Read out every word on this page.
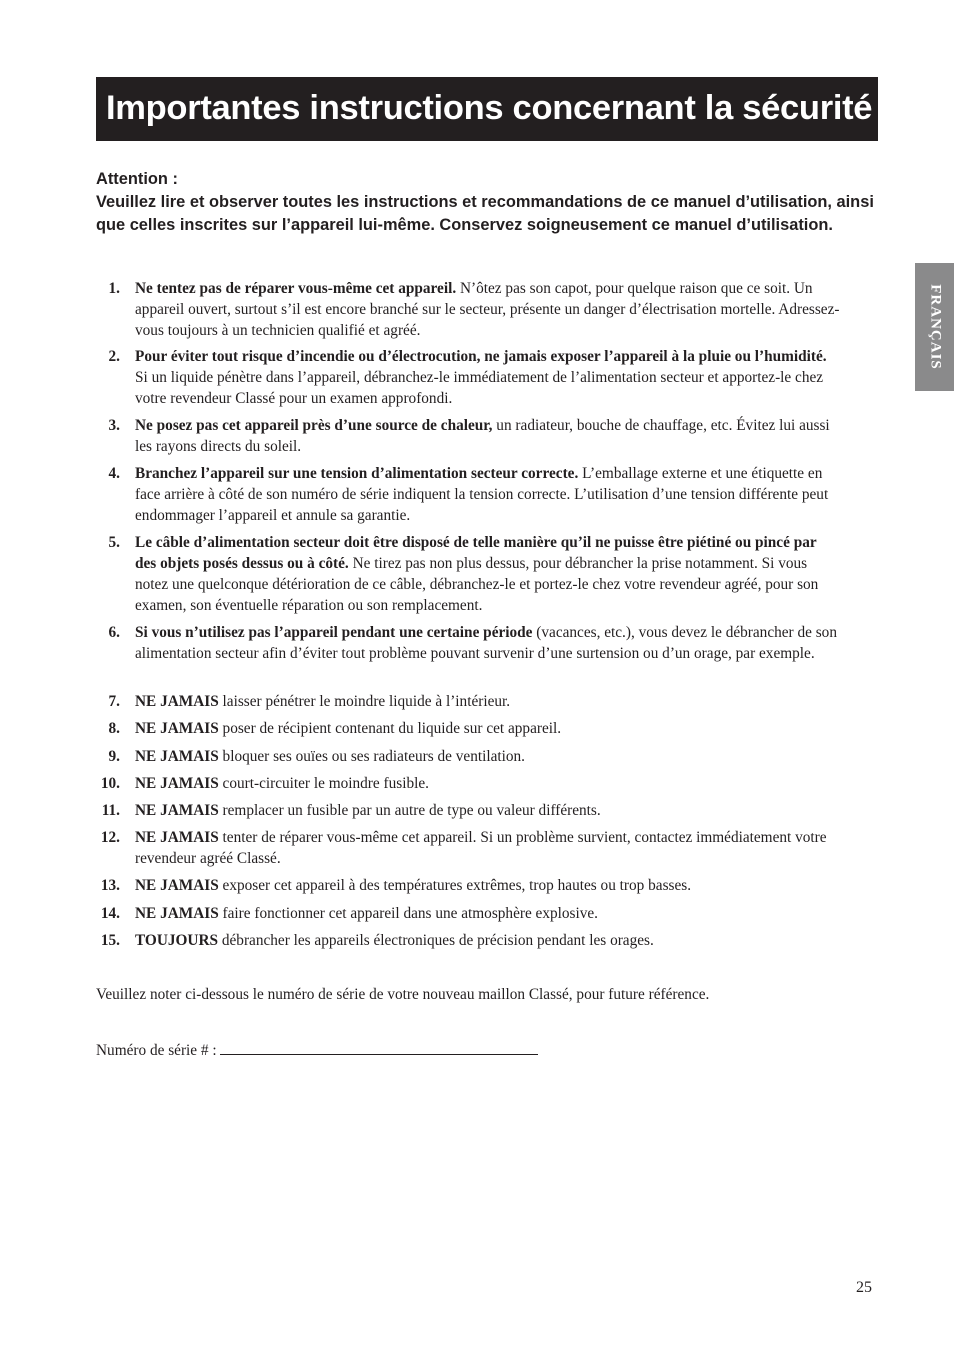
Importantes instructions concernant la sécurité
FRANÇAIS

Attention :

Veuillez lire et observer toutes les instructions et recommandations de ce manuel d’utilisation, ainsi que celles inscrites sur l’appareil lui-même. Conservez soigneusement ce manuel d’utilisation.

1. Ne tentez pas de réparer vous-même cet appareil. N’ôtez pas son capot, pour quelque raison que ce soit. Un appareil ouvert, surtout s’il est encore branché sur le secteur, présente un danger d’électrisation mortelle. Adressez-vous toujours à un technicien qualifié et agréé.
2. Pour éviter tout risque d’incendie ou d’électrocution, ne jamais exposer l’appareil à la pluie ou l’humidité. Si un liquide pénètre dans l’appareil, débranchez-le immédiatement de l’alimentation secteur et apportez-le chez votre revendeur Classé pour un examen approfondi.
3. Ne posez pas cet appareil près d’une source de chaleur, un radiateur, bouche de chauffage, etc. Évitez lui aussi les rayons directs du soleil.
4. Branchez l’appareil sur une tension d’alimentation secteur correcte. L’emballage externe et une étiquette en face arrière à côté de son numéro de série indiquent la tension correcte. L’utilisation d’une tension différente peut endommager l’appareil et annule sa garantie.
5. Le câble d’alimentation secteur doit être disposé de telle manière qu’il ne puisse être piétiné ou pincé par des objets posés dessus ou à côté. Ne tirez pas non plus dessus, pour débrancher la prise notamment. Si vous notez une quelconque détérioration de ce câble, débranchez-le et portez-le chez votre revendeur agréé, pour son examen, son éventuelle réparation ou son remplacement.
6. Si vous n’utilisez pas l’appareil pendant une certaine période (vacances, etc.), vous devez le débrancher de son alimentation secteur afin d’éviter tout problème pouvant survenir d’une surtension ou d’un orage, par exemple.
7. NE JAMAIS laisser pénétrer le moindre liquide à l’intérieur.
8. NE JAMAIS poser de récipient contenant du liquide sur cet appareil.
9. NE JAMAIS bloquer ses ouïes ou ses radiateurs de ventilation.
10. NE JAMAIS court-circuiter le moindre fusible.
11. NE JAMAIS remplacer un fusible par un autre de type ou valeur différents.
12. NE JAMAIS tenter de réparer vous-même cet appareil. Si un problème survient, contactez immédiatement votre revendeur agréé Classé.
13. NE JAMAIS exposer cet appareil à des températures extrêmes, trop hautes ou trop basses.
14. NE JAMAIS faire fonctionner cet appareil dans une atmosphère explosive.
15. TOUJOURS débrancher les appareils électroniques de précision pendant les orages.
Veuillez noter ci-dessous le numéro de série de votre nouveau maillon Classé, pour future référence.
Numéro de série # :
25
